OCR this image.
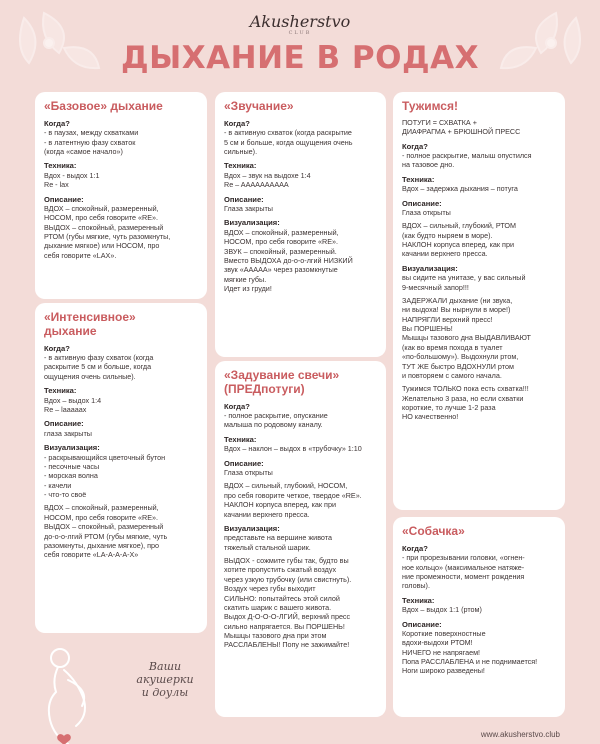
Akusherstvo
CLUB
ДЫХАНИЕ В РОДАХ
«Базовое» дыхание
Когда?
- в паузах, между схватками
- в латентную фазу схваток
(когда «самое начало»)
Техника:
Вдох - выдох 1:1
Re - lax
Описание:
ВДОХ – спокойный, размеренный,
НОСОМ, про себя говорите «RE».
ВЫДОХ – спокойный, размеренный
РТОМ (губы мягкие, чуть разомкнуты,
дыхание мягкое) или НОСОМ, про
себя говорите «LAX».
«Интенсивное»
дыхание
Когда?
- в активную фазу схваток (когда
раскрытие 5 см и больше, когда
ощущения очень сильные).
Техника:
Вдох – выдох 1:4
Re – laaaaax
Описание:
глаза закрыты
Визуализация:
- раскрывающийся цветочный бутон
- песочные часы
- морская волна
- качели
- что-то своё
ВДОХ – спокойный, размеренный,
НОСОМ, про себя говорите «RE».
ВЫДОХ – спокойный, размеренный
до-о-о-лгий РТОМ (губы мягкие, чуть
разомкнуты, дыхание мягкое), про
себя говорите «LA-A-A-A-X»
«Звучание»
Когда?
- в активную схваток (когда раскрытие
5 см и больше, когда ощущения очень
сильные).
Техника:
Вдох – звук на выдохе 1:4
Re – AAAAAAAAAA
Описание:
Глаза закрыты
Визуализация:
ВДОХ – спокойный, размеренный,
НОСОМ, про себя говорите «RE».
ЗВУК – спокойный, размеренный.
Вместо ВЫДОХА до-о-о-лгий НИЗКИЙ
звук «ААААА» через разомкнутые
мягкие губы.
Идет из груди!
«Задувание свечи»
(ПРЕДпотуги)
Когда?
- полное раскрытие, опускание
малыша по родовому каналу.
Техника:
Вдох – наклон – выдох в «трубочку» 1:10
Описание:
Глаза открыты
ВДОХ – сильный, глубокий, НОСОМ,
про себя говорите четкое, твердое «RE».
НАКЛОН корпуса вперед, как при
качании верхнего пресса.
Визуализация:
представьте на вершине живота
тяжелый стальной шарик.
ВЫДОХ - сожмите губы так, будто вы
хотите пропустить сжатый воздух
через узкую трубочку (или свистнуть).
Воздух через губы выходит
СИЛЬНО: попытайтесь этой силой
скатить шарик с вашего живота.
Выдох Д-О-О-О-ЛГИЙ, верхний пресс
сильно напрягается. Вы ПОРШЕНЬ!
Мышцы тазового дна при этом
РАССЛАБЛЕНЫ! Попу не зажимайте!
Тужимся!
ПОТУГИ = СХВАТКА +
ДИАФРАГМА + БРЮШНОЙ ПРЕСС
Когда?
- полное раскрытие, малыш опустился
на тазовое дно.
Техника:
Вдох – задержка дыхания – потуга
Описание:
Глаза открыты
ВДОХ – сильный, глубокий, РТОМ
(как будто ныряем в море).
НАКЛОН корпуса вперед, как при
качании верхнего пресса.
Визуализация:
вы сидите на унитазе, у вас сильный
9-месячный запор!!!
ЗАДЕРЖАЛИ дыхание (ни звука,
ни выдоха! Вы нырнули в море!)
НАПРЯГЛИ верхний пресс!
Вы ПОРШЕНЬ!
Мышцы тазового дна ВЫДАВЛИВАЮТ
(как во время похода в туалет
«по-большому»). Выдохнули ртом,
ТУТ ЖЕ быстро ВДОХНУЛИ ртом
и повторяем с самого начала.
Тужимся ТОЛЬКО пока есть схватка!!!
Желательно 3 раза, но если схватки
короткие, то лучше 1-2 раза
НО качественно!
«Собачка»
Когда?
- при прорезывании головки, «огнен-
ное кольцо» (максимальное натяже-
ние промежности, момент рождения
головы).
Техника:
Вдох – выдох 1:1 (ртом)
Описание:
Короткие поверхностные
вдохи-выдохи РТОМ!
НИЧЕГО не напрягаем!
Попа РАССЛАБЛЕНА и не поднимается!
Ноги широко разведены!
Ваши
акушерки
и доулы
www.akusherstvo.club
